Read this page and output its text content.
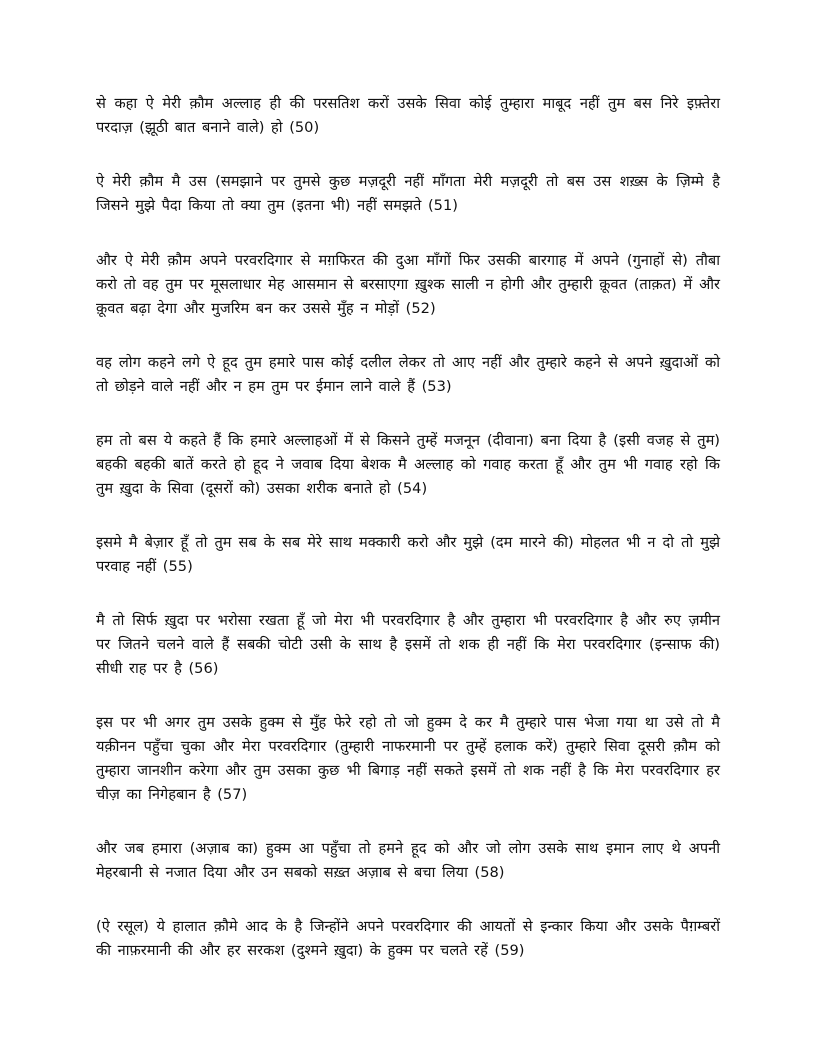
से कहा ऐ मेरी क़ौम अल्लाह ही की परसतिश करों उसके सिवा कोई तुम्हारा माबूद नहीं तुम बस निरे इफ़्तेरा परदाज़ (झूठी बात बनाने वाले) हो (50)

ऐ मेरी क़ौम मै उस (समझाने पर तुमसे कुछ मज़दूरी नहीं माँगता मेरी मज़दूरी तो बस उस शख़्स के ज़िम्मे है जिसने मुझे पैदा किया तो क्या तुम (इतना भी) नहीं समझते (51)

और ऐ मेरी क़ौम अपने परवरदिगार से मग़फिरत की दुआ माँगों फिर उसकी बारगाह में अपने (गुनाहों से) तौबा करो तो वह तुम पर मूसलाधार मेह आसमान से बरसाएगा ख़ुश्क साली न होगी और तुम्हारी क़ूवत (ताक़त) में और क़ूवत बढ़ा देगा और मुजरिम बन कर उससे मुँह न मोड़ों (52)

वह लोग कहने लगे ऐ हूद तुम हमारे पास कोई दलील लेकर तो आए नहीं और तुम्हारे कहने से अपने ख़ुदाओं को तो छोड़ने वाले नहीं और न हम तुम पर ईमान लाने वाले हैं (53)

हम तो बस ये कहते हैं कि हमारे अल्लाहओं में से किसने तुम्हें मजनून (दीवाना) बना दिया है (इसी वजह से तुम) बहकी बहकी बातें करते हो हूद ने जवाब दिया बेशक मै अल्लाह को गवाह करता हूँ और तुम भी गवाह रहो कि तुम ख़ुदा के सिवा (दूसरों को) उसका शरीक बनाते हो (54)

इसमे मै बेज़ार हूँ तो तुम सब के सब मेरे साथ मक्कारी करो और मुझे (दम मारने की) मोहलत भी न दो तो मुझे परवाह नहीं (55)

मै तो सिर्फ ख़ुदा पर भरोसा रखता हूँ जो मेरा भी परवरदिगार है और तुम्हारा भी परवरदिगार है और रुए ज़मीन पर जितने चलने वाले हैं सबकी चोटी उसी के साथ है इसमें तो शक ही नहीं कि मेरा परवरदिगार (इन्साफ की) सीधी राह पर है (56)

इस पर भी अगर तुम उसके हुक्म से मुँह फेरे रहो तो जो हुक्म दे कर मै तुम्हारे पास भेजा गया था उसे तो मै यक़ीनन पहुँचा चुका और मेरा परवरदिगार (तुम्हारी नाफरमानी पर तुम्हें हलाक करें) तुम्हारे सिवा दूसरी क़ौम को तुम्हारा जानशीन करेगा और तुम उसका कुछ भी बिगाड़ नहीं सकते इसमें तो शक नहीं है कि मेरा परवरदिगार हर चीज़ का निगेहबान है (57)

और जब हमारा (अज़ाब का) हुक्म आ पहुँचा तो हमने हूद को और जो लोग उसके साथ इमान लाए थे अपनी मेहरबानी से नजात दिया और उन सबको सख़्त अज़ाब से बचा लिया (58)

(ऐ रसूल) ये हालात क़ौमे आद के है जिन्होंने अपने परवरदिगार की आयतों से इन्कार किया और उसके पैग़म्बरों की नाफ़रमानी की और हर सरकश (दुश्मने ख़ुदा) के हुक्म पर चलते रहें (59)
